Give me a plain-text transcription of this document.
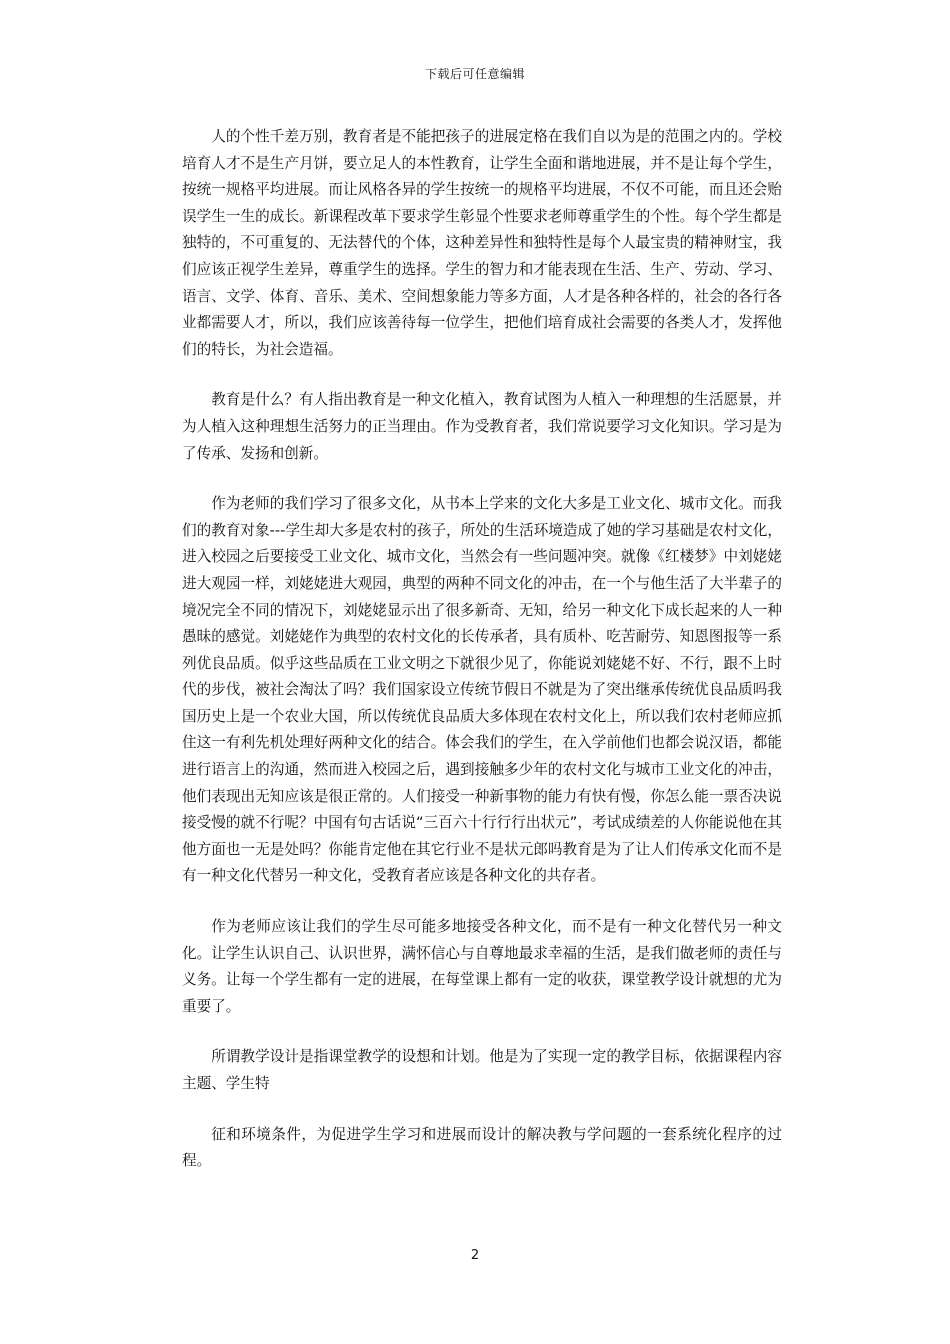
下载后可任意编辑

人的个性千差万别，教育者是不能把孩子的进展定格在我们自以为是的范围之内的。学校培育人才不是生产月饼，要立足人的本性教育，让学生全面和谐地进展，并不是让每个学生，按统一规格平均进展。而让风格各异的学生按统一的规格平均进展，不仅不可能，而且还会贻误学生一生的成长。新课程改革下要求学生彰显个性要求老师尊重学生的个性。每个学生都是独特的，不可重复的、无法替代的个体，这种差异性和独特性是每个人最宝贵的精神财宝，我们应该正视学生差异，尊重学生的选择。学生的智力和才能表现在生活、生产、劳动、学习、语言、文学、体育、音乐、美术、空间想象能力等多方面，人才是各种各样的，社会的各行各业都需要人才，所以，我们应该善待每一位学生，把他们培育成社会需要的各类人才，发挥他们的特长，为社会造福。

教育是什么？有人指出教育是一种文化植入，教育试图为人植入一种理想的生活愿景，并为人植入这种理想生活努力的正当理由。作为受教育者，我们常说要学习文化知识。学习是为了传承、发扬和创新。

作为老师的我们学习了很多文化，从书本上学来的文化大多是工业文化、城市文化。而我们的教育对象---学生却大多是农村的孩子，所处的生活环境造成了她的学习基础是农村文化，进入校园之后要接受工业文化、城市文化，当然会有一些问题冲突。就像《红楼梦》中刘姥姥进大观园一样，刘姥姥进大观园，典型的两种不同文化的冲击，在一个与他生活了大半辈子的境况完全不同的情况下，刘姥姥显示出了很多新奇、无知，给另一种文化下成长起来的人一种愚昧的感觉。刘姥姥作为典型的农村文化的长传承者，具有质朴、吃苦耐劳、知恩图报等一系列优良品质。似乎这些品质在工业文明之下就很少见了，你能说刘姥姥不好、不行，跟不上时代的步伐，被社会淘汰了吗？我们国家设立传统节假日不就是为了突出继承传统优良品质吗我国历史上是一个农业大国，所以传统优良品质大多体现在农村文化上，所以我们农村老师应抓住这一有利先机处理好两种文化的结合。体会我们的学生，在入学前他们也都会说汉语，都能进行语言上的沟通，然而进入校园之后，遇到接触多少年的农村文化与城市工业文化的冲击，他们表现出无知应该是很正常的。人们接受一种新事物的能力有快有慢，你怎么能一票否决说接受慢的就不行呢？中国有句古话说“三百六十行行行出状元”，考试成绩差的人你能说他在其他方面也一无是处吗？你能肯定他在其它行业不是状元郎吗教育是为了让人们传承文化而不是有一种文化代替另一种文化，受教育者应该是各种文化的共存者。

作为老师应该让我们的学生尽可能多地接受各种文化，而不是有一种文化替代另一种文化。让学生认识自己、认识世界，满怀信心与自尊地最求幸福的生活，是我们做老师的责任与义务。让每一个学生都有一定的进展，在每堂课上都有一定的收获，课堂教学设计就想的尤为重要了。

所谓教学设计是指课堂教学的设想和计划。他是为了实现一定的教学目标，依据课程内容主题、学生特

征和环境条件，为促进学生学习和进展而设计的解决教与学问题的一套系统化程序的过程。

2
